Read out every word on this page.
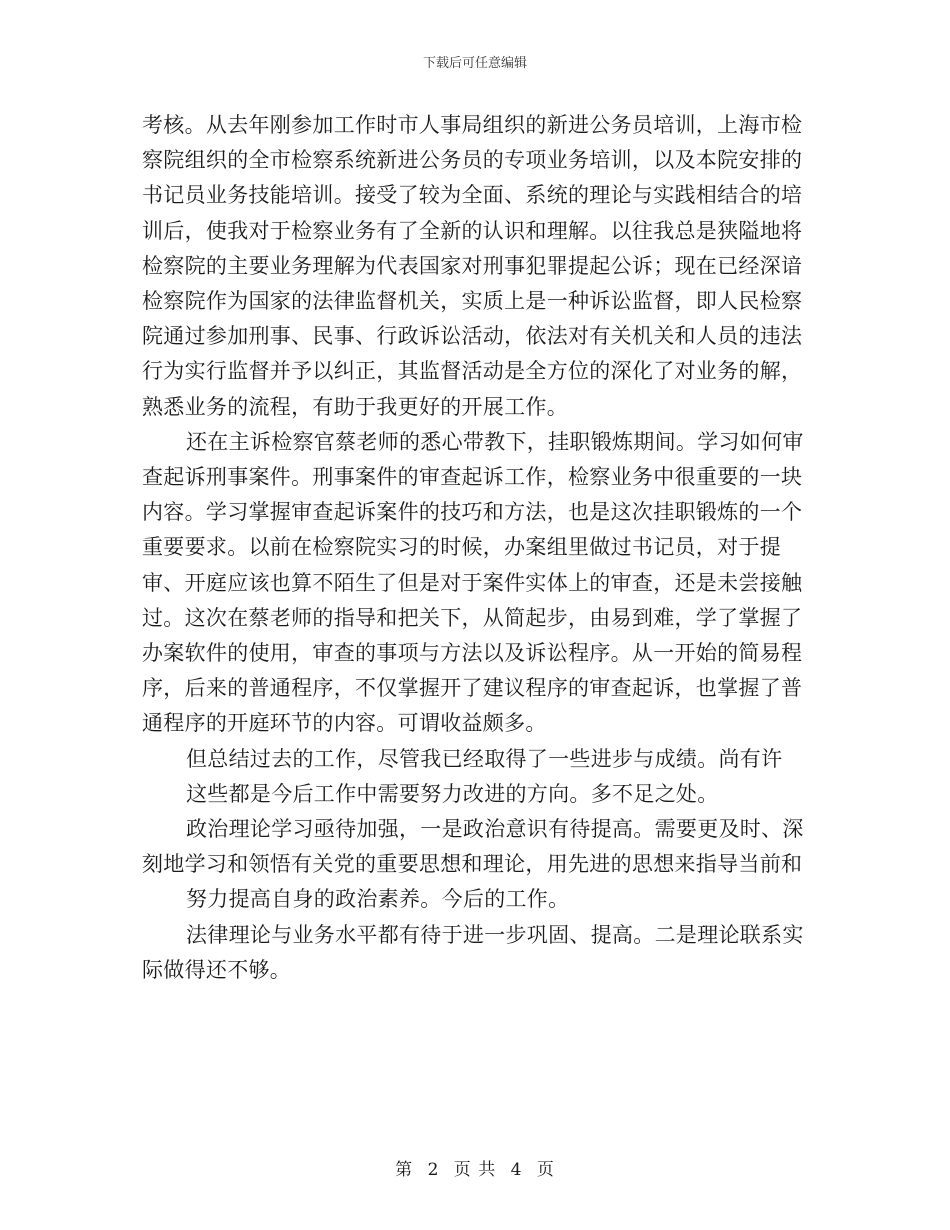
下载后可任意编辑

考核。从去年刚参加工作时市人事局组织的新进公务员培训，上海市检察院组织的全市检察系统新进公务员的专项业务培训，以及本院安排的书记员业务技能培训。接受了较为全面、系统的理论与实践相结合的培训后，使我对于检察业务有了全新的认识和理解。以往我总是狭隘地将检察院的主要业务理解为代表国家对刑事犯罪提起公诉；现在已经深谙检察院作为国家的法律监督机关，实质上是一种诉讼监督，即人民检察院通过参加刑事、民事、行政诉讼活动，依法对有关机关和人员的违法行为实行监督并予以纠正，其监督活动是全方位的深化了对业务的解，熟悉业务的流程，有助于我更好的开展工作。

还在主诉检察官蔡老师的悉心带教下，挂职锻炼期间。学习如何审查起诉刑事案件。刑事案件的审查起诉工作，检察业务中很重要的一块内容。学习掌握审查起诉案件的技巧和方法，也是这次挂职锻炼的一个重要要求。以前在检察院实习的时候，办案组里做过书记员，对于提审、开庭应该也算不陌生了但是对于案件实体上的审查，还是未尝接触过。这次在蔡老师的指导和把关下，从简起步，由易到难，学了掌握了办案软件的使用，审查的事项与方法以及诉讼程序。从一开始的简易程序，后来的普通程序，不仅掌握开了建议程序的审查起诉，也掌握了普通程序的开庭环节的内容。可谓收益颇多。

但总结过去的工作，尽管我已经取得了一些进步与成绩。尚有许

这些都是今后工作中需要努力改进的方向。多不足之处。

政治理论学习亟待加强，一是政治意识有待提高。需要更及时、深刻地学习和领悟有关党的重要思想和理论，用先进的思想来指导当前和

努力提高自身的政治素养。今后的工作。

法律理论与业务水平都有待于进一步巩固、提高。二是理论联系实际做得还不够。

第 2 页 共 4 页
